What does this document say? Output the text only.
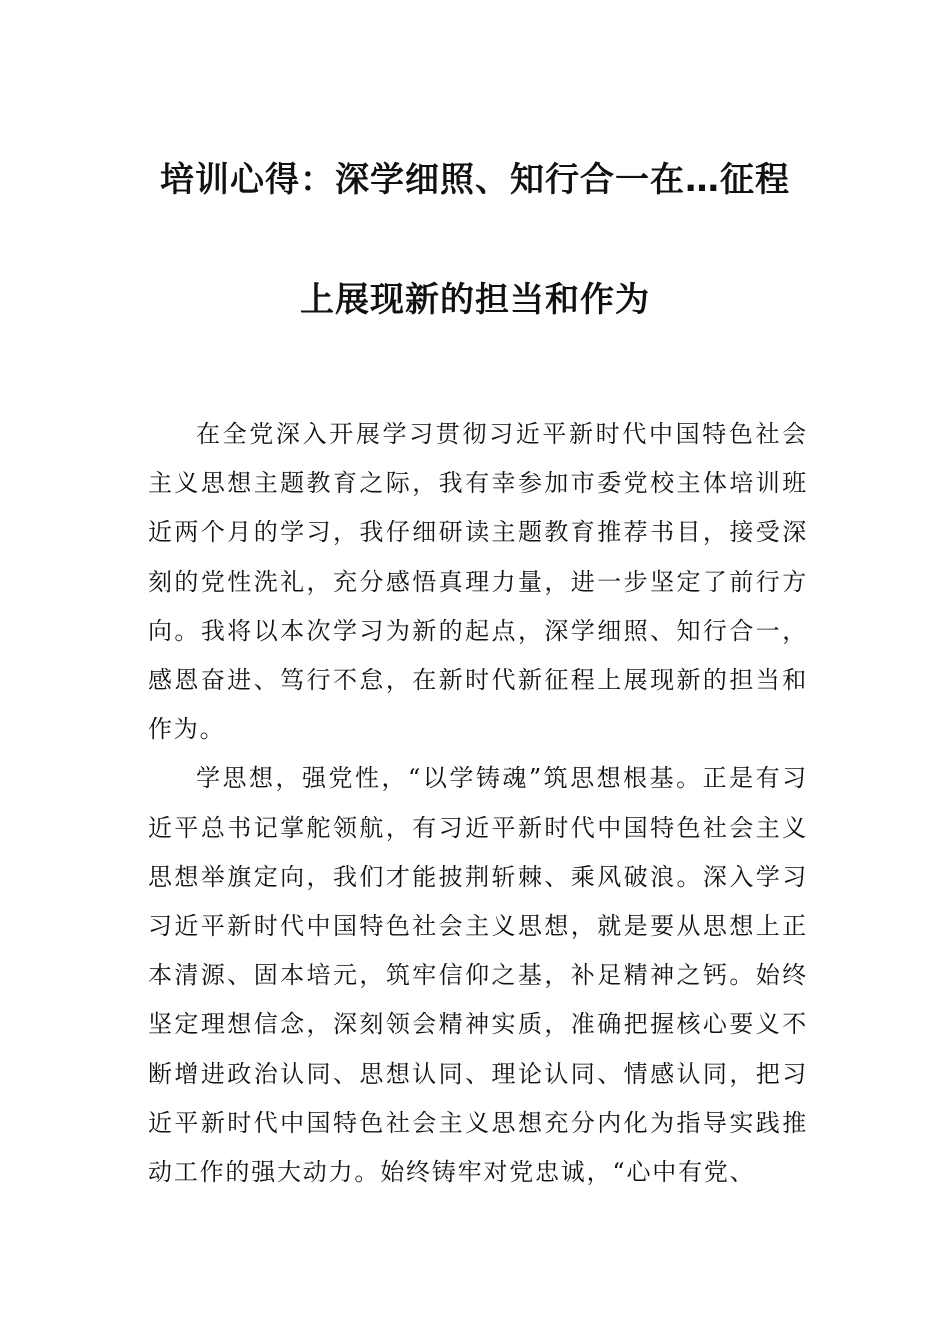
培训心得：深学细照、知行合一在…征程
上展现新的担当和作为

在全党深入开展学习贯彻习近平新时代中国特色社会主义思想主题教育之际，我有幸参加市委党校主体培训班近两个月的学习，我仔细研读主题教育推荐书目，接受深刻的党性洗礼，充分感悟真理力量，进一步坚定了前行方向。我将以本次学习为新的起点，深学细照、知行合一，感恩奋进、笃行不怠，在新时代新征程上展现新的担当和作为。

学思想，强党性，“以学铸魂”筑思想根基。正是有习近平总书记掌舵领航，有习近平新时代中国特色社会主义思想举旗定向，我们才能披荆斩棘、乘风破浪。深入学习习近平新时代中国特色社会主义思想，就是要从思想上正本清源、固本培元，筑牢信仰之基，补足精神之钙。始终坚定理想信念，深刻领会精神实质，准确把握核心要义不断增进政治认同、思想认同、理论认同、情感认同，把习近平新时代中国特色社会主义思想充分内化为指导实践推动工作的强大动力。始终铸牢对党忠诚，“心中有党、
